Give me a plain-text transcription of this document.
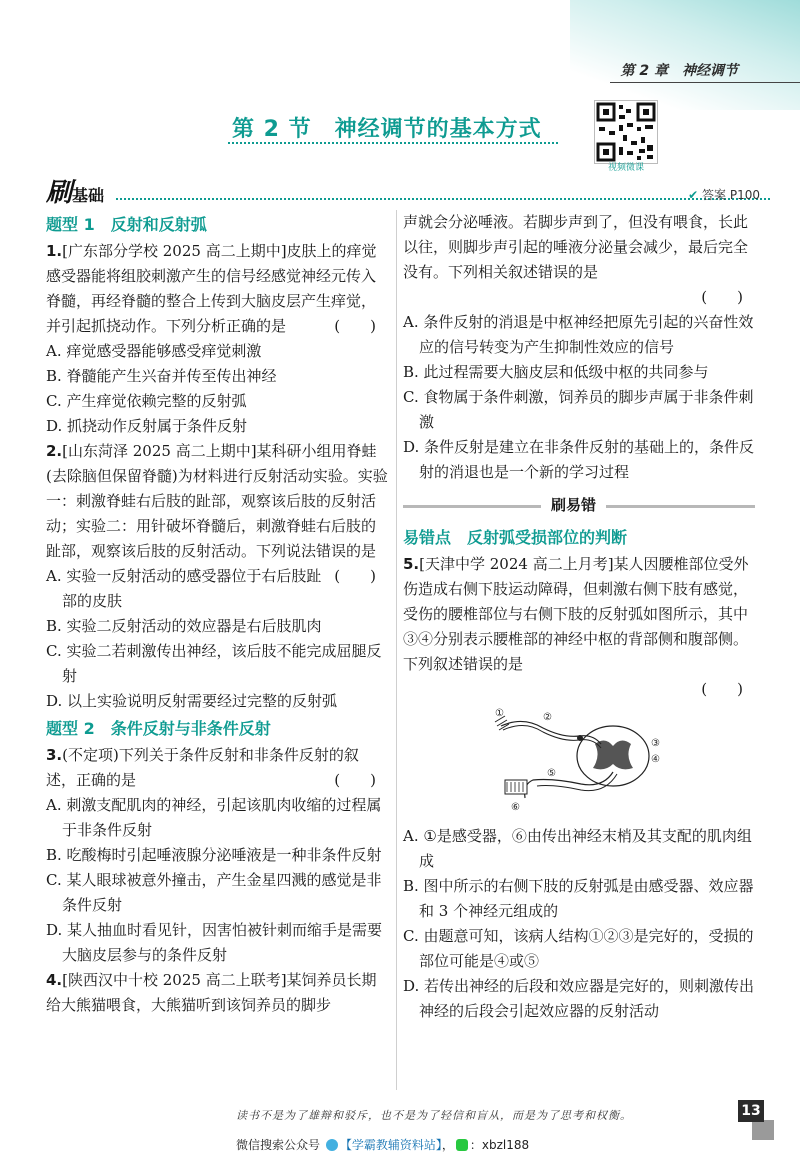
第 2 章　神经调节
第 2 节　神经调节的基本方式
视频微课
刷基础	✔ 答案 P100
题型 1　反射和反射弧
1.[广东部分学校 2025 高二上期中]皮肤上的痒觉感受器能将组胶刺激产生的信号经感觉神经元传入脊髓，再经脊髓的整合上传到大脑皮层产生痒觉，并引起抓挠动作。下列分析正确的是	(　　)

A. 痒觉感受器能够感受痒觉刺激

B. 脊髓能产生兴奋并传至传出神经

C. 产生痒觉依赖完整的反射弧

D. 抓挠动作反射属于条件反射

2.[山东菏泽 2025 高二上期中]某科研小组用脊蛙(去除脑但保留脊髓)为材料进行反射活动实验。实验一：刺激脊蛙右后肢的趾部，观察该后肢的反射活动；实验二：用针破坏脊髓后，刺激脊蛙右后肢的趾部，观察该后肢的反射活动。下列说法错误的是
(　　)

A. 实验一反射活动的感受器位于右后肢趾部的皮肤

B. 实验二反射活动的效应器是右后肢肌肉

C. 实验二若刺激传出神经，该后肢不能完成屈腿反射

D. 以上实验说明反射需要经过完整的反射弧

题型 2　条件反射与非条件反射
3.(不定项)下列关于条件反射和非条件反射的叙述，正确的是	(　　)

A. 刺激支配肌肉的神经，引起该肌肉收缩的过程属于非条件反射

B. 吃酸梅时引起唾液腺分泌唾液是一种非条件反射

C. 某人眼球被意外撞击，产生金星四溅的感觉是非条件反射

D. 某人抽血时看见针，因害怕被针刺而缩手是需要大脑皮层参与的条件反射

4.[陕西汉中十校 2025 高二上联考]某饲养员长期给大熊猫喂食，大熊猫听到该饲养员的脚步

声就会分泌唾液。若脚步声到了，但没有喂食，长此以往，则脚步声引起的唾液分泌量会减少，最后完全没有。下列相关叙述错误的是

(　　)

A. 条件反射的消退是中枢神经把原先引起的兴奋性效应的信号转变为产生抑制性效应的信号

B. 此过程需要大脑皮层和低级中枢的共同参与

C. 食物属于条件刺激，饲养员的脚步声属于非条件刺激

D. 条件反射是建立在非条件反射的基础上的，条件反射的消退也是一个新的学习过程

刷易错
易错点　反射弧受损部位的判断
5.[天津中学 2024 高二上月考]某人因腰椎部位受外伤造成右侧下肢运动障碍，但刺激右侧下肢有感觉，受伤的腰椎部位与右侧下肢的反射弧如图所示，其中③④分别表示腰椎部的神经中枢的背部侧和腹部侧。下列叙述错误的是
(　　)
①	②
③
④
⑤
⑥

A. ①是感受器，⑥由传出神经末梢及其支配的肌肉组成

B. 图中所示的右侧下肢的反射弧是由感受器、效应器和 3 个神经元组成的

C. 由题意可知，该病人结构①②③是完好的，受损的部位可能是④或⑤

D. 若传出神经的后段和效应器是完好的，则刺激传出神经的后段会引起效应器的反射活动

读书不是为了雄辩和驳斥，也不是为了轻信和盲从，而是为了思考和权衡。	13
微信搜索公众号 【学霸教辅资料站】， ：xbzl188
